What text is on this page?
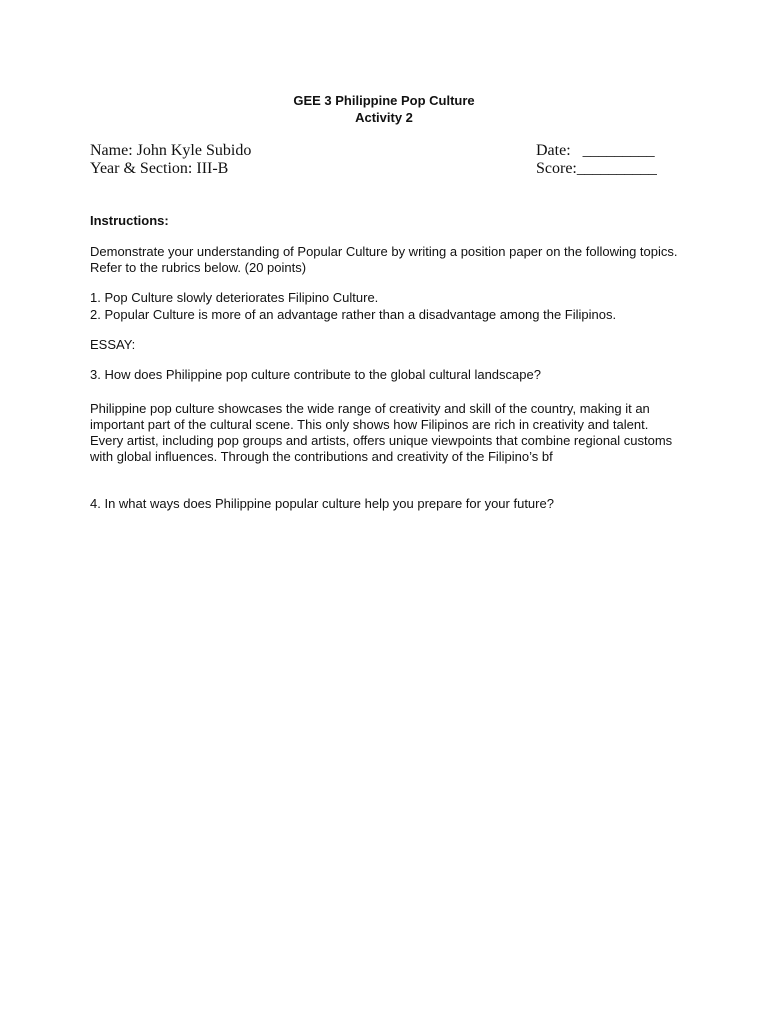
GEE 3 Philippine Pop Culture
Activity 2
Name: John Kyle Subido
Year & Section: III-B
Date:   _________
Score:__________
Instructions:

Demonstrate your understanding of Popular Culture by writing a position paper on the following topics. Refer to the rubrics below. (20 points)

1. Pop Culture slowly deteriorates Filipino Culture.
2. Popular Culture is more of an advantage rather than a disadvantage among the Filipinos.
ESSAY:
3. How does Philippine pop culture contribute to the global cultural landscape?

Philippine pop culture showcases the wide range of creativity and skill of the country, making it an important part of the cultural scene. This only shows how Filipinos are rich in creativity and talent. Every artist, including pop groups and artists, offers unique viewpoints that combine regional customs with global influences. Through the contributions and creativity of the Filipino’s bf

4. In what ways does Philippine popular culture help you prepare for your future?
